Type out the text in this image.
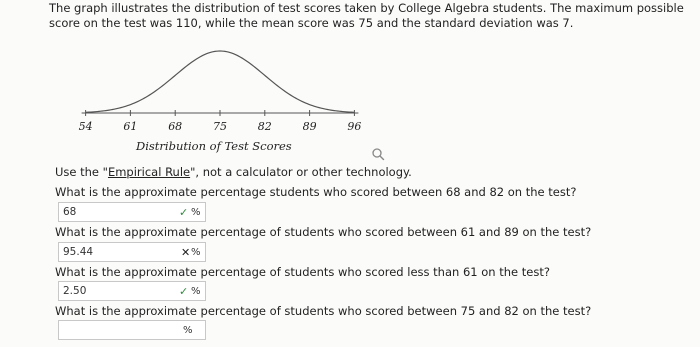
The graph illustrates the distribution of test scores taken by College Algebra students. The maximum possible score on the test was 110, while the mean score was 75 and the standard deviation was 7.
54	61	68	75	82	89	96
Distribution of Test Scores
Use the "Empirical Rule", not a calculator or other technology.
What is the approximate percentage students who scored between 68 and 82 on the test?
68	✓ %
What is the approximate percentage of students who scored between 61 and 89 on the test?
95.44	✕ %
What is the approximate percentage of students who scored less than 61 on the test?
2.50	✓ %
What is the approximate percentage of students who scored between 75 and 82 on the test?
%
